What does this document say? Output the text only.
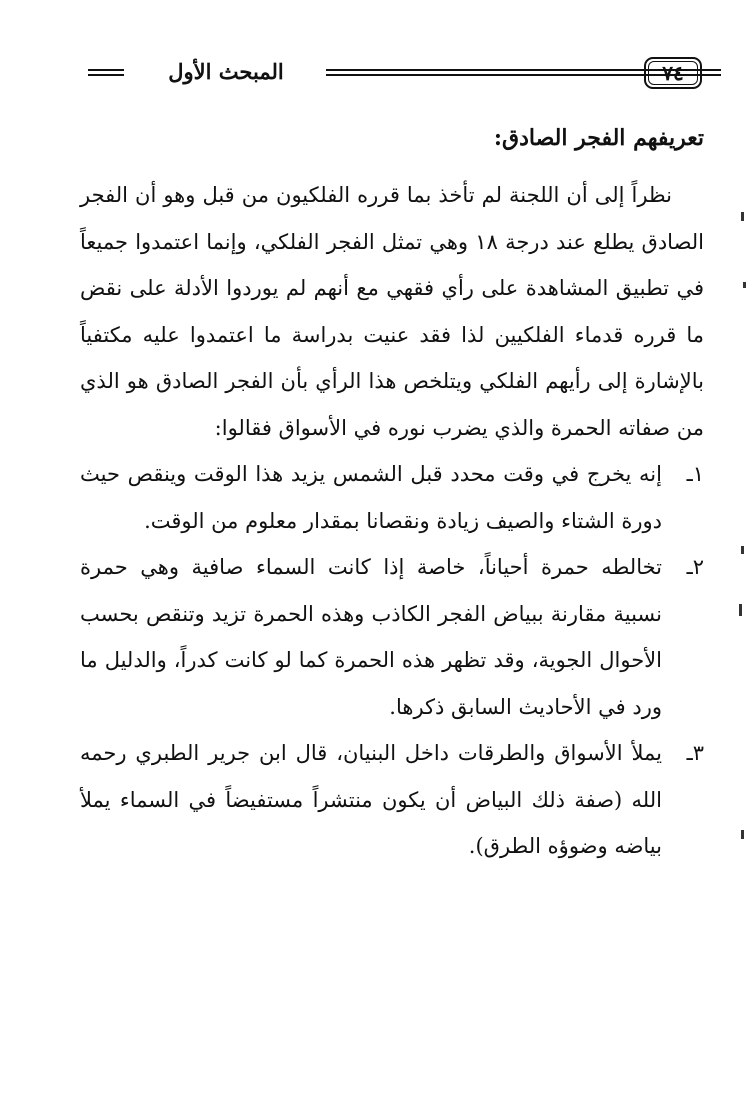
المبحث الأول	٧٤
تعريفهم الفجر الصادق:

نظراً إلى أن اللجنة لم تأخذ بما قرره الفلكيون من قبل وهو أن الفجر الصادق يطلع عند درجة ١٨ وهي تمثل الفجر الفلكي، وإنما اعتمدوا جميعاً في تطبيق المشاهدة على رأي فقهي مع أنهم لم يوردوا الأدلة على نقض ما قرره قدماء الفلكيين لذا فقد عنيت بدراسة ما اعتمدوا عليه مكتفياً بالإشارة إلى رأيهم الفلكي ويتلخص هذا الرأي بأن الفجر الصادق هو الذي من صفاته الحمرة والذي يضرب نوره في الأسواق فقالوا:

١ـ
إنه يخرج في وقت محدد قبل الشمس يزيد هذا الوقت وينقص حيث دورة الشتاء والصيف زيادة ونقصانا بمقدار معلوم من الوقت.
٢ـ
تخالطه حمرة أحياناً، خاصة إذا كانت السماء صافية وهي حمرة نسبية مقارنة ببياض الفجر الكاذب وهذه الحمرة تزيد وتنقص بحسب الأحوال الجوية، وقد تظهر هذه الحمرة كما لو كانت كدراً، والدليل ما ورد في الأحاديث السابق ذكرها.
٣ـ
يملأ الأسواق والطرقات داخل البنيان، قال ابن جرير الطبري رحمه الله (صفة ذلك البياض أن يكون منتشراً مستفيضاً في السماء يملأ بياضه وضوؤه الطرق).
